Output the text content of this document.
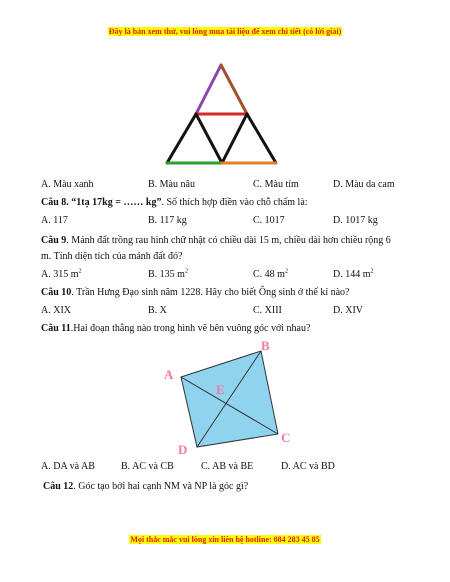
Đây là bản xem thử, vui lòng mua tài liệu để xem chi tiết (có lời giải)
A. Màu xanh	B. Màu nâu	C. Màu tím	D. Màu da cam
Câu 8. “1tạ 17kg = …… kg”. Số thích hợp điền vào chỗ chấm là:
A. 117	B. 117 kg	C. 1017	D. 1017 kg
Câu 9. Mảnh đất trồng rau hình chữ nhật có chiều dài 15 m, chiều dài hơn chiều rộng 6
m. Tính diện tích của mảnh đất đó?
A. 315 $m^2$	B. 135 $m^2$	C. 48 $m^2$	D. 144 $m^2$
Câu 10. Trần Hưng Đạo sinh năm 1228. Hãy cho biết Ông sinh ở thế kỉ nào?
A. XIX	B. X	C. XIII	D. XIV
Câu 11.Hai đoạn thẳng nào trong hình vẽ bên vuông góc với nhau?
A
B
C
D
E
A. DA và AB	B. AC và CB	C. AB và BE	D. AC và BD
Câu 12. Góc tạo bởi hai cạnh NM và NP là góc gì?
Mọi thắc mắc vui lòng xin liên hệ hotline: 084 283 45 85
